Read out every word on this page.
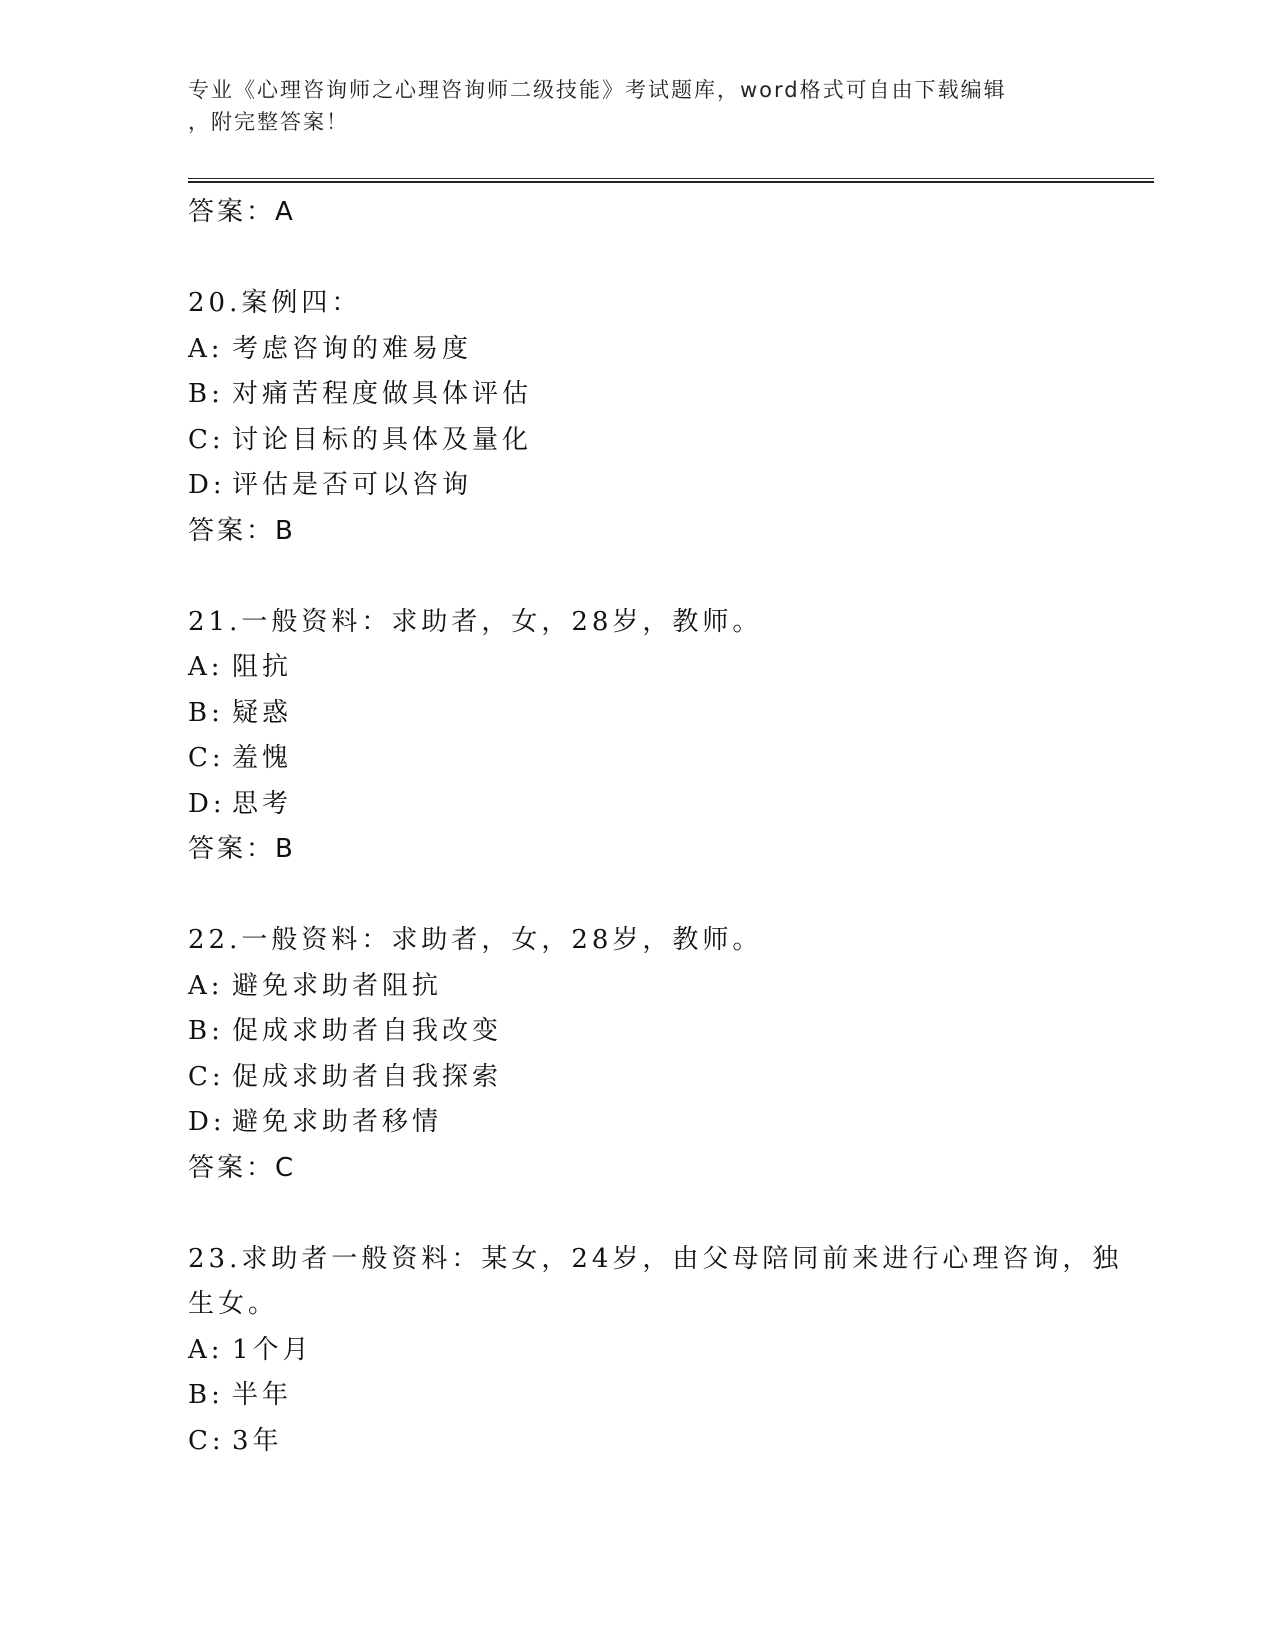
专业《心理咨询师之心理咨询师二级技能》考试题库，word格式可自由下载编辑
，附完整答案！
答案：A
20.案例四：
A: 考虑咨询的难易度
B: 对痛苦程度做具体评估
C: 讨论目标的具体及量化
D: 评估是否可以咨询
答案：B
21.一般资料：求助者，女，28岁，教师。
A: 阻抗
B: 疑惑
C: 羞愧
D: 思考
答案：B
22.一般资料：求助者，女，28岁，教师。
A: 避免求助者阻抗
B: 促成求助者自我改变
C: 促成求助者自我探索
D: 避免求助者移情
答案：C
23.求助者一般资料：某女，24岁，由父母陪同前来进行心理咨询，独
生女。
A: 1个月
B: 半年
C: 3年
